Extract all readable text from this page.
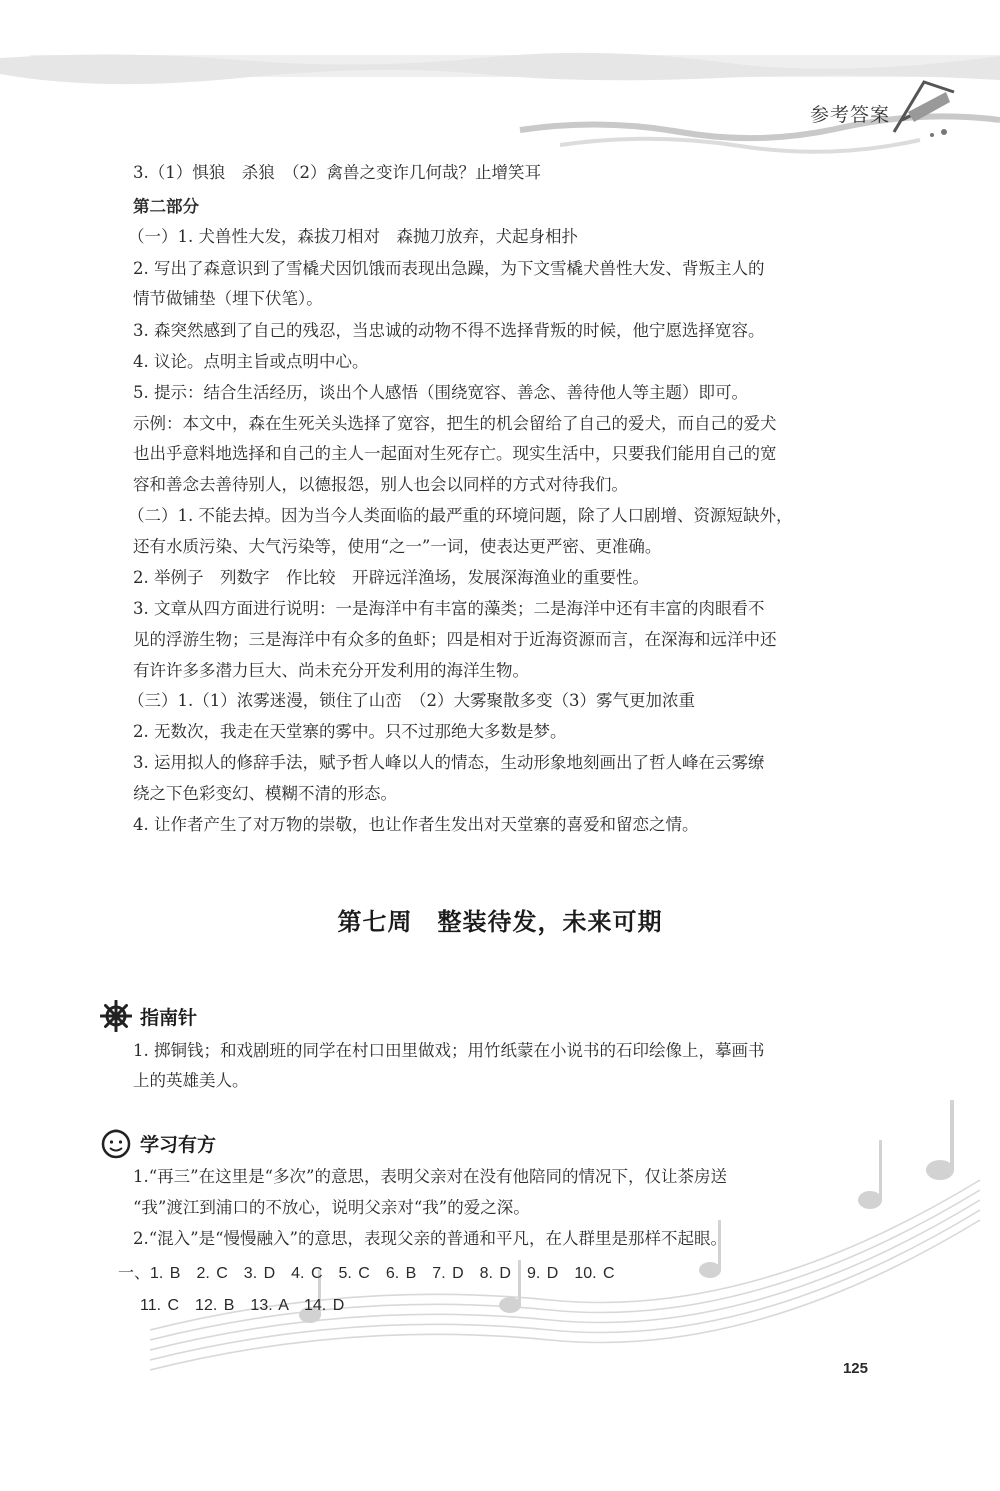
参考答案
3.（1）惧狼　杀狼　（2）禽兽之变诈几何哉？止增笑耳
第二部分
（一）1. 犬兽性大发，森拔刀相对　森抛刀放弃，犬起身相扑
2. 写出了森意识到了雪橇犬因饥饿而表现出急躁，为下文雪橇犬兽性大发、背叛主人的
情节做铺垫（埋下伏笔）。
3. 森突然感到了自己的残忍，当忠诚的动物不得不选择背叛的时候，他宁愿选择宽容。
4. 议论。点明主旨或点明中心。
5. 提示：结合生活经历，谈出个人感悟（围绕宽容、善念、善待他人等主题）即可。
示例：本文中，森在生死关头选择了宽容，把生的机会留给了自己的爱犬，而自己的爱犬
也出乎意料地选择和自己的主人一起面对生死存亡。现实生活中，只要我们能用自己的宽
容和善念去善待别人，以德报怨，别人也会以同样的方式对待我们。
（二）1. 不能去掉。因为当今人类面临的最严重的环境问题，除了人口剧增、资源短缺外，
还有水质污染、大气污染等，使用“之一”一词，使表达更严密、更准确。
2. 举例子　列数字　作比较　开辟远洋渔场，发展深海渔业的重要性。
3. 文章从四方面进行说明：一是海洋中有丰富的藻类；二是海洋中还有丰富的肉眼看不
见的浮游生物；三是海洋中有众多的鱼虾；四是相对于近海资源而言，在深海和远洋中还
有许许多多潜力巨大、尚未充分开发利用的海洋生物。
（三）1.（1）浓雾迷漫，锁住了山峦　（2）大雾聚散多变（3）雾气更加浓重
2. 无数次，我走在天堂寨的雾中。只不过那绝大多数是梦。
3. 运用拟人的修辞手法，赋予哲人峰以人的情态，生动形象地刻画出了哲人峰在云雾缭
绕之下色彩变幻、模糊不清的形态。
4. 让作者产生了对万物的崇敬，也让作者生发出对天堂寨的喜爱和留恋之情。
第七周　整装待发，未来可期
指南针
1. 掷铜钱；和戏剧班的同学在村口田里做戏；用竹纸蒙在小说书的石印绘像上，摹画书
上的英雄美人。
学习有方
1.“再三”在这里是“多次”的意思，表明父亲对在没有他陪同的情况下，仅让茶房送
“我”渡江到浦口的不放心，说明父亲对“我”的爱之深。
2.“混入”是“慢慢融入”的意思，表现父亲的普通和平凡，在人群里是那样不起眼。
一、1. B　2. C　3. D　4. C　5. C　6. B　7. D　8. D　9. D　10. C
11. C　12. B　13. A　14. D
125
